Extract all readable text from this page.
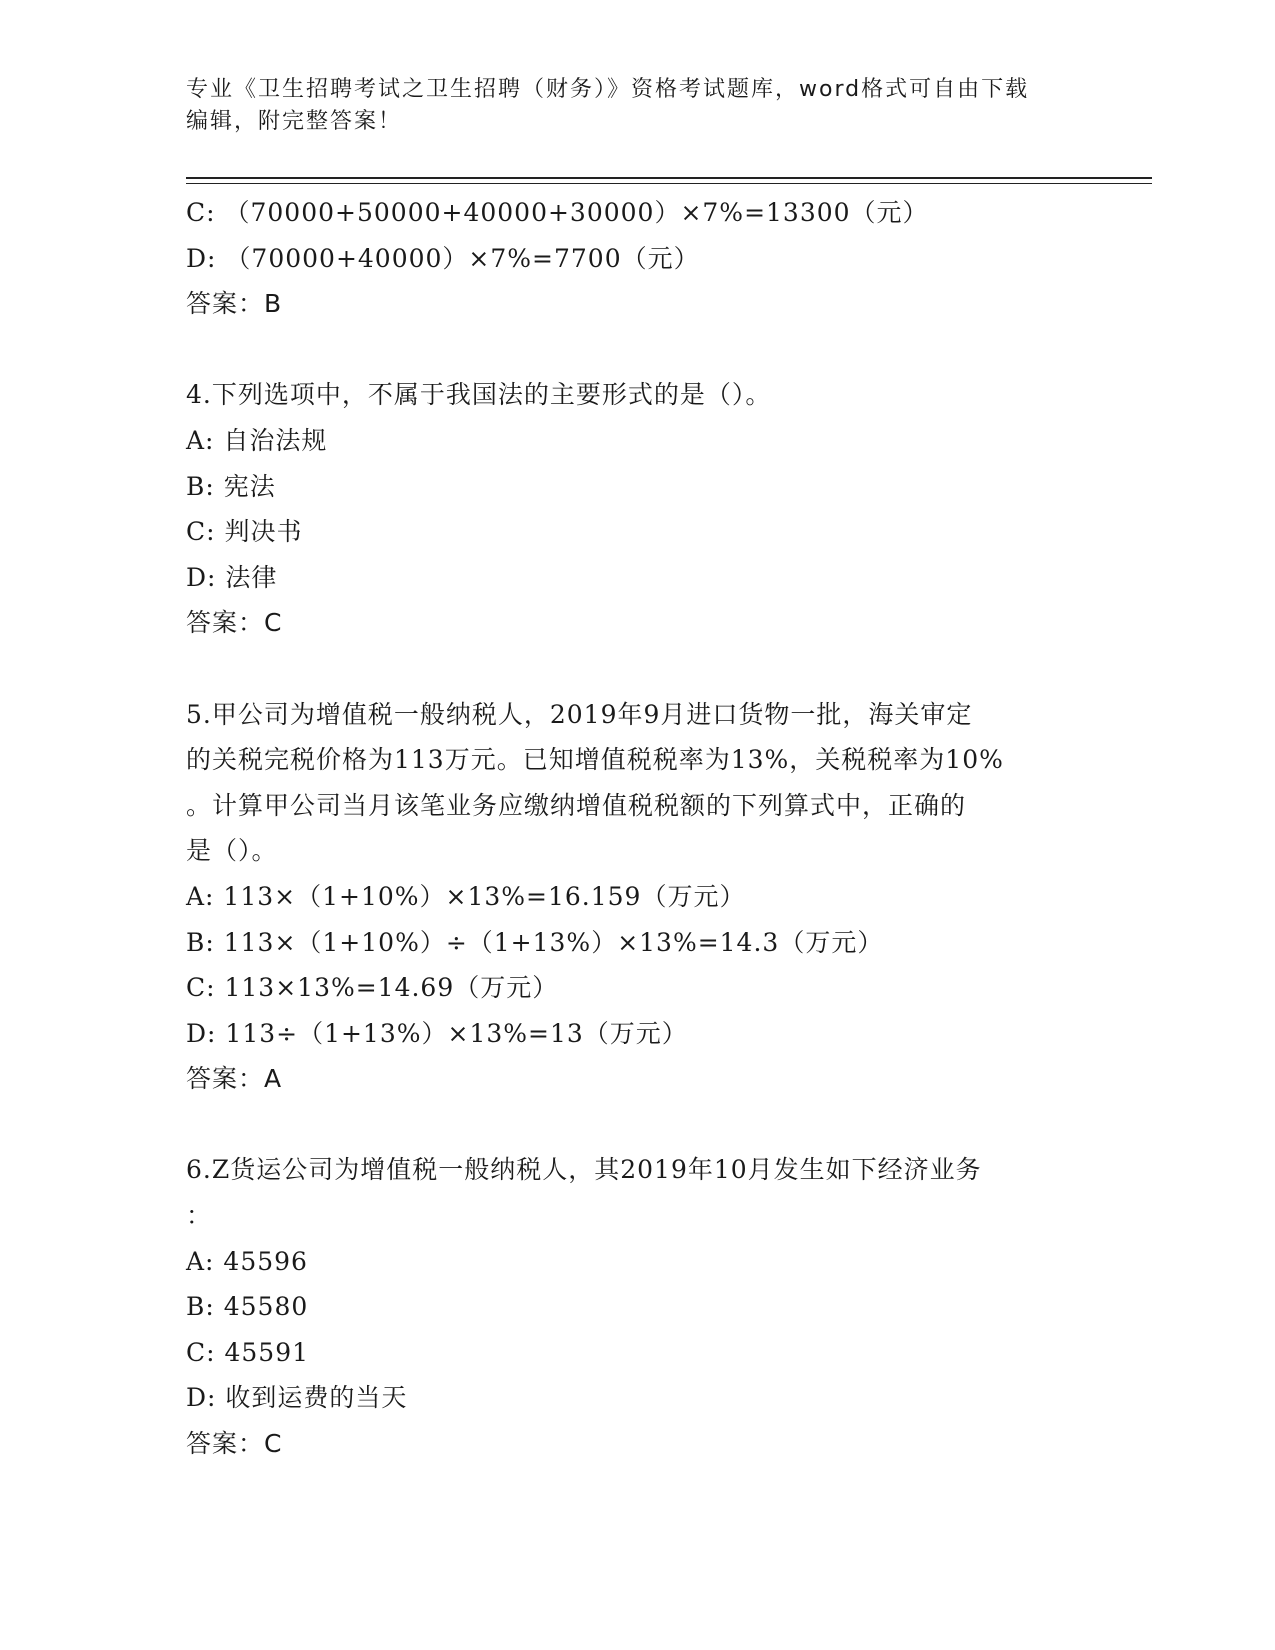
专业《卫生招聘考试之卫生招聘（财务）》资格考试题库，word格式可自由下载
编辑，附完整答案！
C: （70000+50000+40000+30000）×7%=13300（元）
D: （70000+40000）×7%=7700（元）
答案：B
4.下列选项中，不属于我国法的主要形式的是（）。
A: 自治法规
B: 宪法
C: 判决书
D: 法律
答案：C
5.甲公司为增值税一般纳税人，2019年9月进口货物一批，海关审定
的关税完税价格为113万元。已知增值税税率为13%，关税税率为10%
。计算甲公司当月该笔业务应缴纳增值税税额的下列算式中，正确的
是（）。
A: 113×（1+10%）×13%=16.159（万元）
B: 113×（1+10%）÷（1+13%）×13%=14.3（万元）
C: 113×13%=14.69（万元）
D: 113÷（1+13%）×13%=13（万元）
答案：A
6.Z货运公司为增值税一般纳税人，其2019年10月发生如下经济业务
：
A: 45596
B: 45580
C: 45591
D: 收到运费的当天
答案：C
